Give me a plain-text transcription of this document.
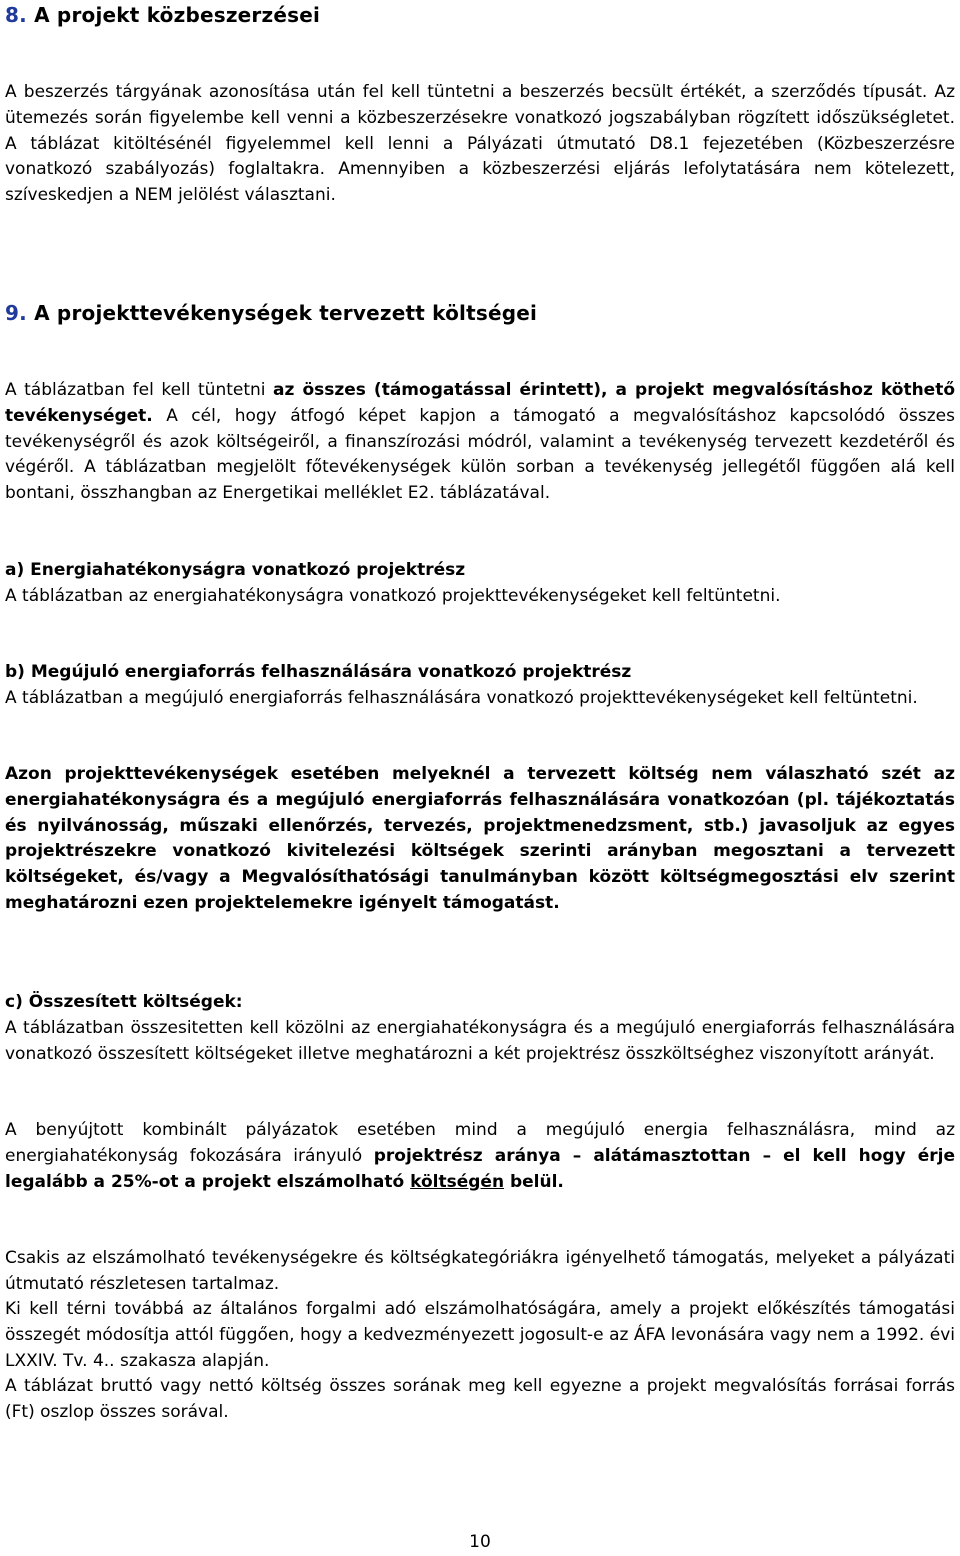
8. A projekt közbeszerzései
A beszerzés tárgyának azonosítása után fel kell tüntetni a beszerzés becsült értékét, a szerződés típusát. Az ütemezés során figyelembe kell venni a közbeszerzésekre vonatkozó jogszabályban rögzített időszükségletet. A táblázat kitöltésénél figyelemmel kell lenni a Pályázati útmutató D8.1 fejezetében (Közbeszerzésre vonatkozó szabályozás) foglaltakra. Amennyiben a közbeszerzési eljárás lefolytatására nem kötelezett, szíveskedjen a NEM jelölést választani.
9. A projekttevékenységek tervezett költségei
A táblázatban fel kell tüntetni az összes (támogatással érintett), a projekt megvalósításhoz köthető tevékenységet. A cél, hogy átfogó képet kapjon a támogató a megvalósításhoz kapcsolódó összes tevékenységről és azok költségeiről, a finanszírozási módról, valamint a tevékenység tervezett kezdetéről és végéről. A táblázatban megjelölt főtevékenységek külön sorban a tevékenység jellegétől függően alá kell bontani, összhangban az Energetikai melléklet E2. táblázatával.
a) Energiahatékonyságra vonatkozó projektrész
A táblázatban az energiahatékonyságra vonatkozó projekttevékenységeket kell feltüntetni.
b) Megújuló energiaforrás felhasználására vonatkozó projektrész
A táblázatban a megújuló energiaforrás felhasználására vonatkozó projekttevékenységeket kell feltüntetni.
Azon projekttevékenységek esetében melyeknél a tervezett költség nem válaszható szét az energiahatékonyságra és a megújuló energiaforrás felhasználására vonatkozóan (pl. tájékoztatás és nyilvánosság, műszaki ellenőrzés, tervezés, projektmenedzsment, stb.) javasoljuk az egyes projektrészekre vonatkozó kivitelezési költségek szerinti arányban megosztani a tervezett költségeket, és/vagy a Megvalósíthatósági tanulmányban között költségmegosztási elv szerint meghatározni ezen projektelemekre igényelt támogatást.
c) Összesített költségek:
A táblázatban összesitetten kell közölni az energiahatékonyságra és a megújuló energiaforrás felhasználására vonatkozó összesített költségeket illetve meghatározni a két projektrész összköltséghez viszonyított arányát.
A benyújtott kombinált pályázatok esetében mind a megújuló energia felhasználásra, mind az energiahatékonyság fokozására irányuló projektrész aránya – alátámasztottan – el kell hogy érje legalább a 25%-ot a projekt elszámolható költségén belül.
Csakis az elszámolható tevékenységekre és költségkategóriákra igényelhető támogatás, melyeket a pályázati útmutató részletesen tartalmaz.
Ki kell térni továbbá az általános forgalmi adó elszámolhatóságára, amely a projekt előkészítés támogatási összegét módosítja attól függően, hogy a kedvezményezett jogosult-e az ÁFA levonására vagy nem a 1992. évi LXXIV. Tv. 4.. szakasza alapján.
A táblázat bruttó vagy nettó költség összes sorának meg kell egyezne a projekt megvalósítás forrásai forrás (Ft) oszlop összes sorával.
10
